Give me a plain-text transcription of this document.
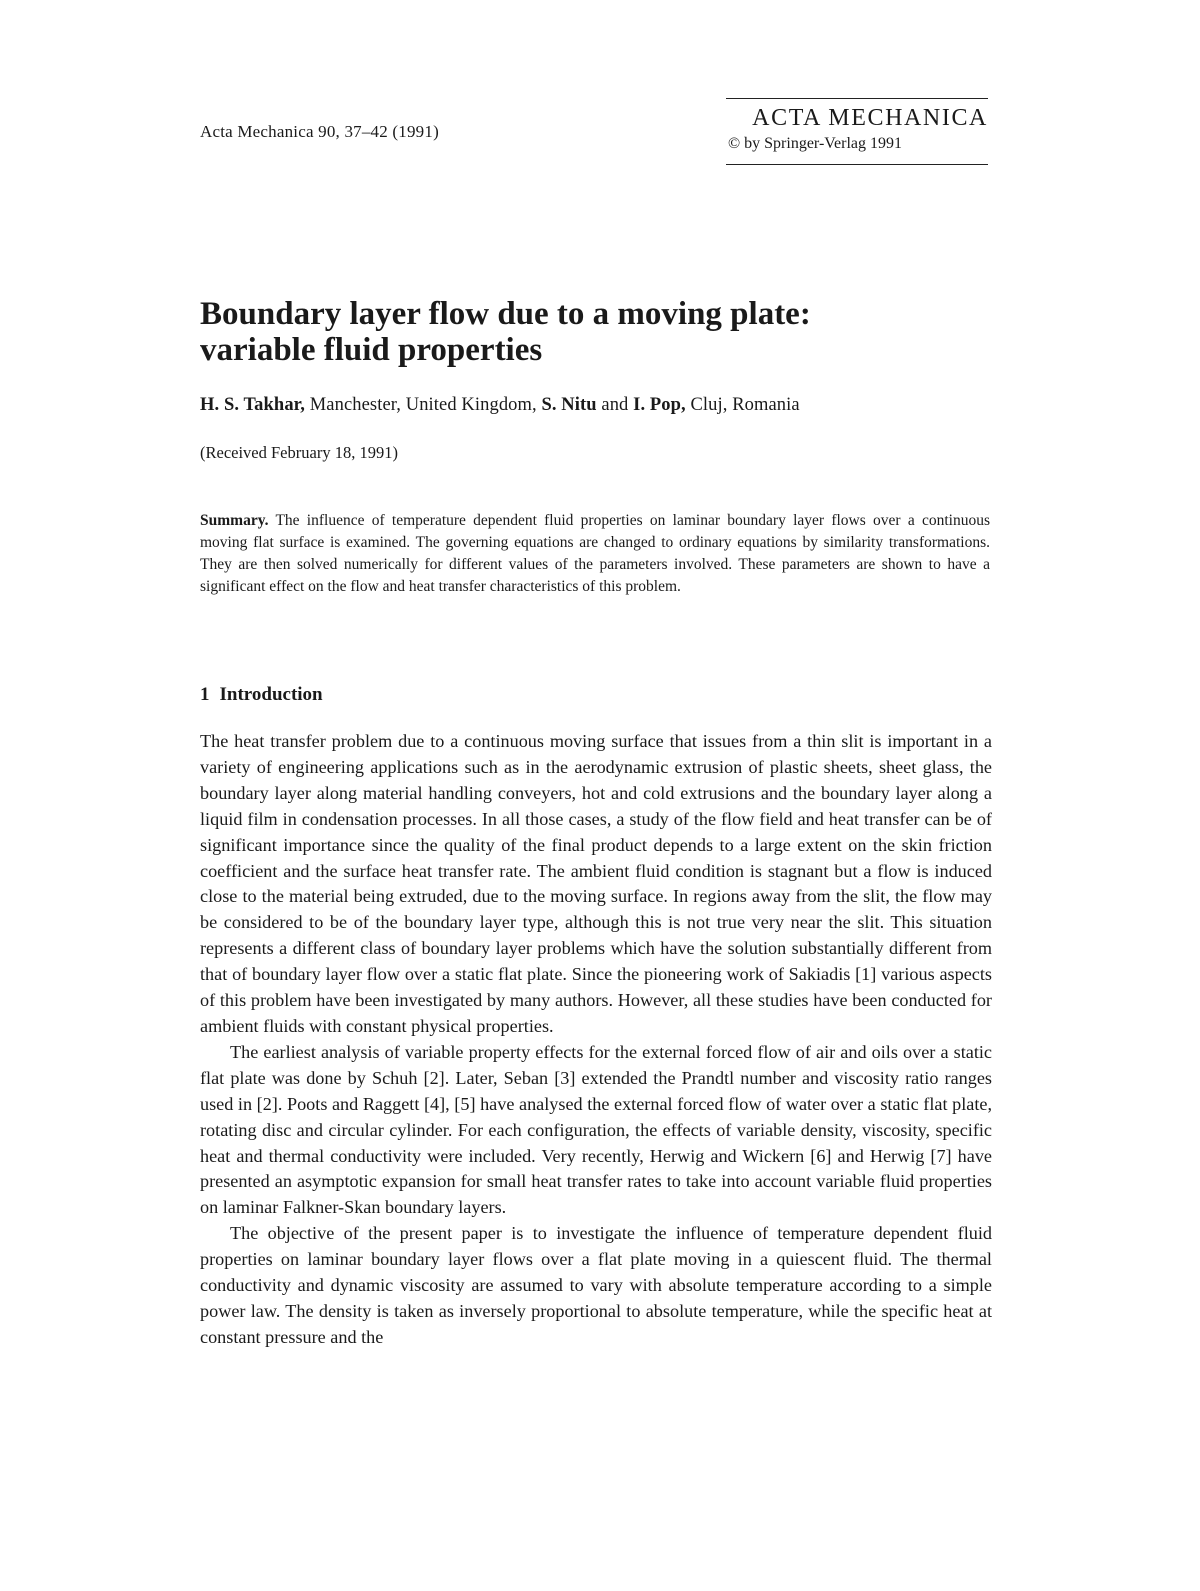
Acta Mechanica 90, 37–42 (1991)
ACTA MECHANICA
© by Springer-Verlag 1991
Boundary layer flow due to a moving plate:
variable fluid properties
H. S. Takhar, Manchester, United Kingdom, S. Nitu and I. Pop, Cluj, Romania
(Received February 18, 1991)

Summary. The influence of temperature dependent fluid properties on laminar boundary layer flows over a continuous moving flat surface is examined. The governing equations are changed to ordinary equations by similarity transformations. They are then solved numerically for different values of the parameters involved. These parameters are shown to have a significant effect on the flow and heat transfer characteristics of this problem.

1 Introduction

The heat transfer problem due to a continuous moving surface that issues from a thin slit is important in a variety of engineering applications such as in the aerodynamic extrusion of plastic sheets, sheet glass, the boundary layer along material handling conveyers, hot and cold extrusions and the boundary layer along a liquid film in condensation processes. In all those cases, a study of the flow field and heat transfer can be of significant importance since the quality of the final product depends to a large extent on the skin friction coefficient and the surface heat transfer rate. The ambient fluid condition is stagnant but a flow is induced close to the material being extruded, due to the moving surface. In regions away from the slit, the flow may be considered to be of the boundary layer type, although this is not true very near the slit. This situation represents a different class of boundary layer problems which have the solution substantially different from that of boundary layer flow over a static flat plate. Since the pioneering work of Sakiadis [1] various aspects of this problem have been investigated by many authors. However, all these studies have been conducted for ambient fluids with constant physical properties.

The earliest analysis of variable property effects for the external forced flow of air and oils over a static flat plate was done by Schuh [2]. Later, Seban [3] extended the Prandtl number and viscosity ratio ranges used in [2]. Poots and Raggett [4], [5] have analysed the external forced flow of water over a static flat plate, rotating disc and circular cylinder. For each configuration, the effects of variable density, viscosity, specific heat and thermal conductivity were included. Very recently, Herwig and Wickern [6] and Herwig [7] have presented an asymptotic expansion for small heat transfer rates to take into account variable fluid properties on laminar Falkner-Skan boundary layers.

The objective of the present paper is to investigate the influence of temperature dependent fluid properties on laminar boundary layer flows over a flat plate moving in a quiescent fluid. The thermal conductivity and dynamic viscosity are assumed to vary with absolute temperature according to a simple power law. The density is taken as inversely proportional to absolute temperature, while the specific heat at constant pressure and the
